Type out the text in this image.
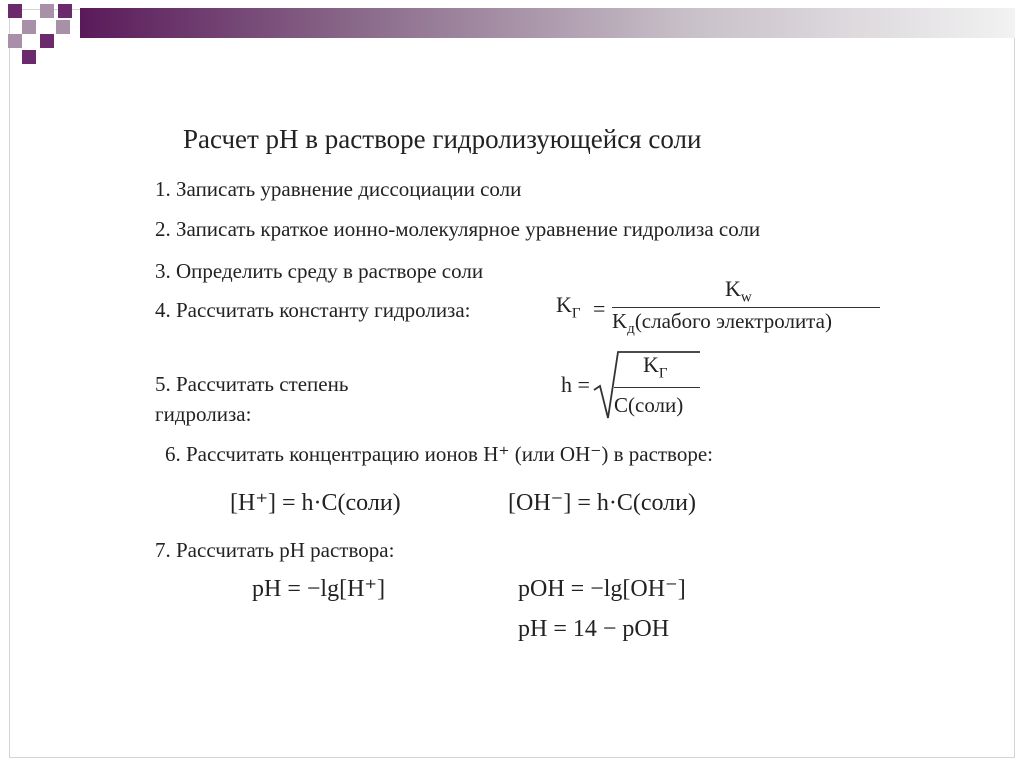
Расчет pH в растворе гидролизующейся соли
1. Записать уравнение диссоциации соли
2. Записать краткое ионно-молекулярное уравнение гидролиза соли
3. Определить среду в растворе соли
4. Рассчитать константу гидролиза:	$K_Г$ =
$K_w$
$K_д(слабого$ электролита)
5. Рассчитать степень
гидролиза:
h =
$K_Г$
C(соли)
6. Рассчитать концентрацию ионов H⁺ (или OH⁻) в растворе:
[H⁺] = h·C(соли)	[OH⁻] = h·C(соли)
7. Рассчитать pH раствора:
pH = −lg[H⁺]	pOH = −lg[OH⁻]
pH = 14 − pOH
